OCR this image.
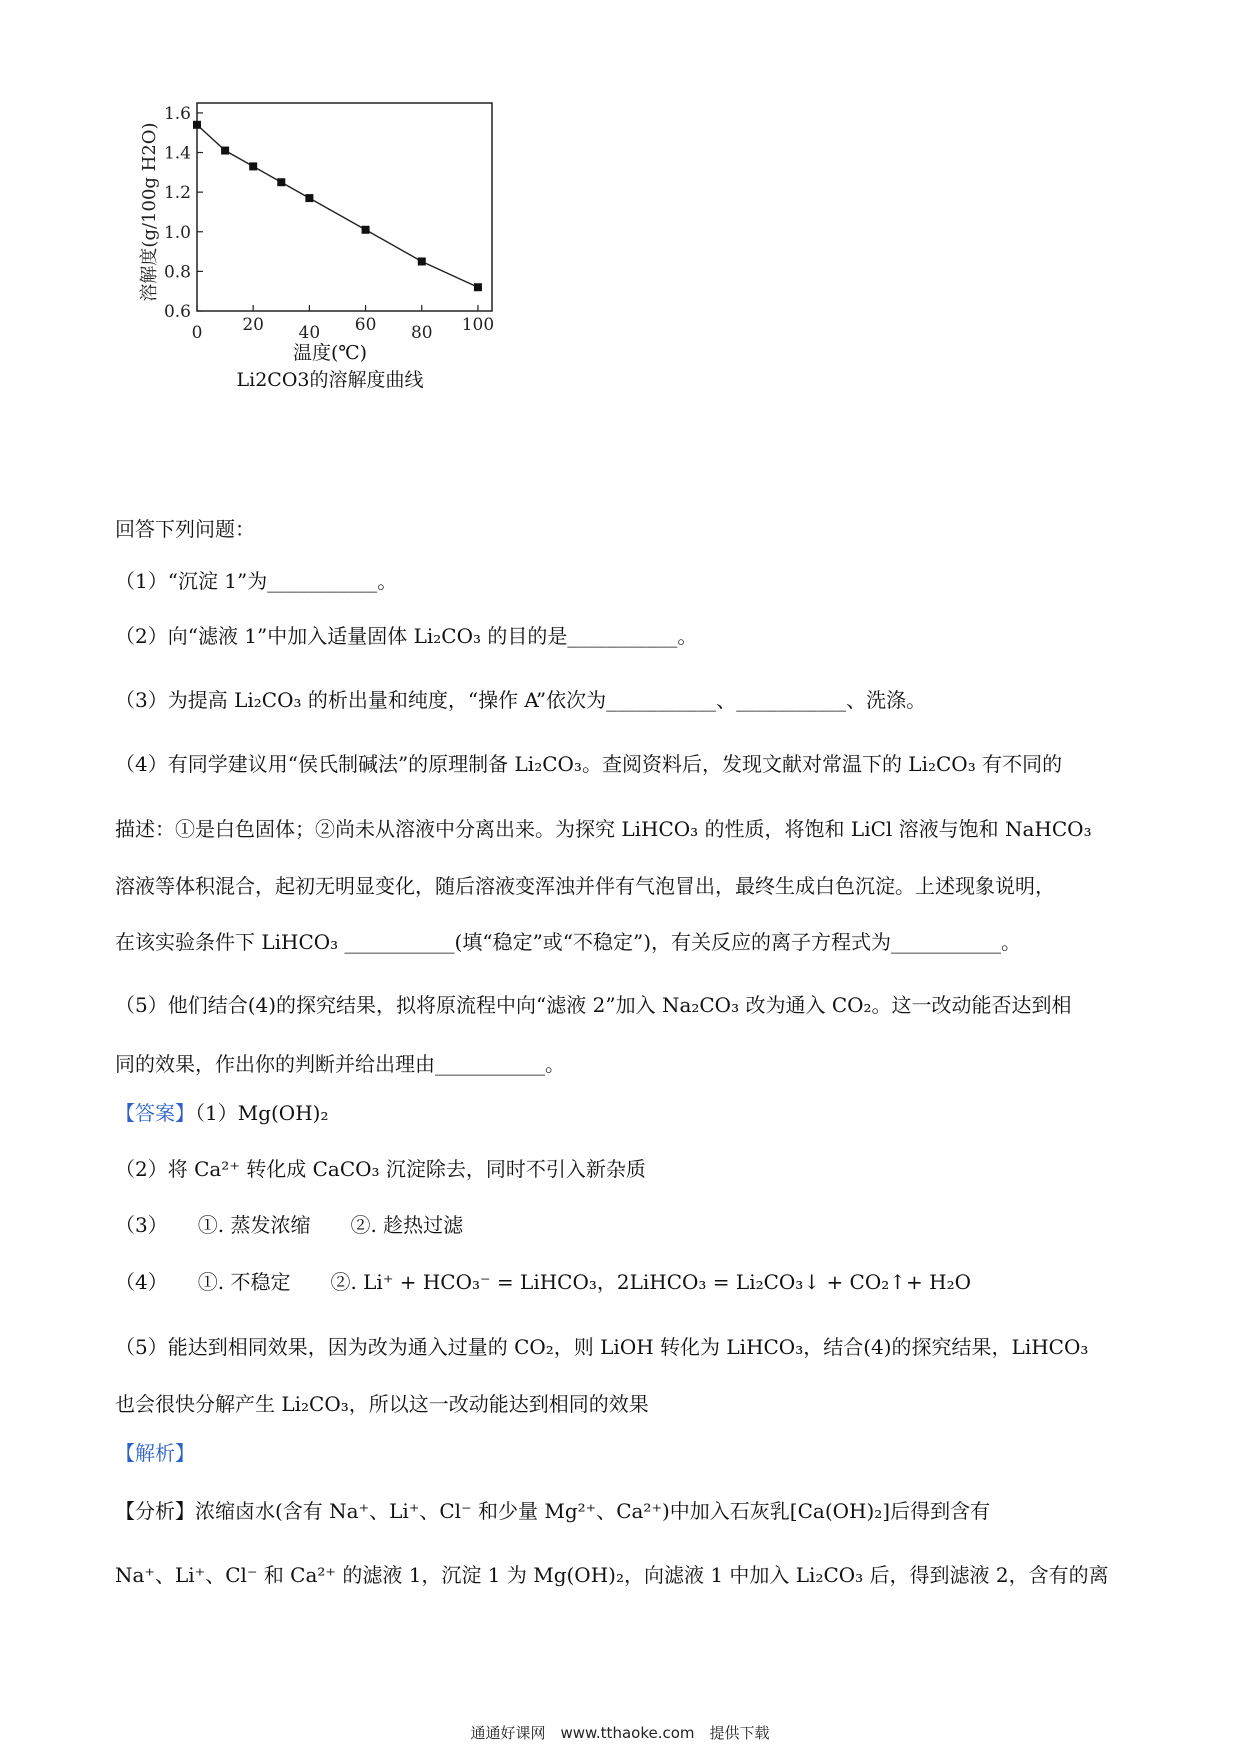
1.6
1.4
1.2
1.0
0.8
0.6
0 20 40 60 80 100
溶解度(g/100g H2O)
温度(℃)
Li2CO3的溶解度曲线
回答下列问题：
（1）“沉淀 1”为___________。
（2）向“滤液 1”中加入适量固体 Li₂CO₃ 的目的是___________。
（3）为提高 Li₂CO₃ 的析出量和纯度，“操作 A”依次为___________、___________、洗涤。
（4）有同学建议用“侯氏制碱法”的原理制备 Li₂CO₃。查阅资料后，发现文献对常温下的 Li₂CO₃ 有不同的
描述：①是白色固体；②尚未从溶液中分离出来。为探究 LiHCO₃ 的性质，将饱和 LiCl 溶液与饱和 NaHCO₃
溶液等体积混合，起初无明显变化，随后溶液变浑浊并伴有气泡冒出，最终生成白色沉淀。上述现象说明，
在该实验条件下 LiHCO₃ ___________(填“稳定”或“不稳定”)，有关反应的离子方程式为___________。
（5）他们结合(4)的探究结果，拟将原流程中向“滤液 2”加入 Na₂CO₃ 改为通入 CO₂。这一改动能否达到相
同的效果，作出你的判断并给出理由___________。
【答案】（1）Mg(OH)₂
（2）将 Ca²⁺ 转化成 CaCO₃ 沉淀除去，同时不引入新杂质
（3）　　①. 蒸发浓缩　　②. 趁热过滤
（4）　　①. 不稳定　　②. Li⁺ + HCO₃⁻ = LiHCO₃，2LiHCO₃ = Li₂CO₃↓ + CO₂↑+ H₂O
（5）能达到相同效果，因为改为通入过量的 CO₂，则 LiOH 转化为 LiHCO₃，结合(4)的探究结果，LiHCO₃
也会很快分解产生 Li₂CO₃，所以这一改动能达到相同的效果
【解析】
【分析】浓缩卤水(含有 Na⁺、Li⁺、Cl⁻ 和少量 Mg²⁺、Ca²⁺)中加入石灰乳[Ca(OH)₂]后得到含有
Na⁺、Li⁺、Cl⁻ 和 Ca²⁺ 的滤液 1，沉淀 1 为 Mg(OH)₂，向滤液 1 中加入 Li₂CO₃ 后，得到滤液 2，含有的离
通通好课网　www.tthaoke.com　提供下载
